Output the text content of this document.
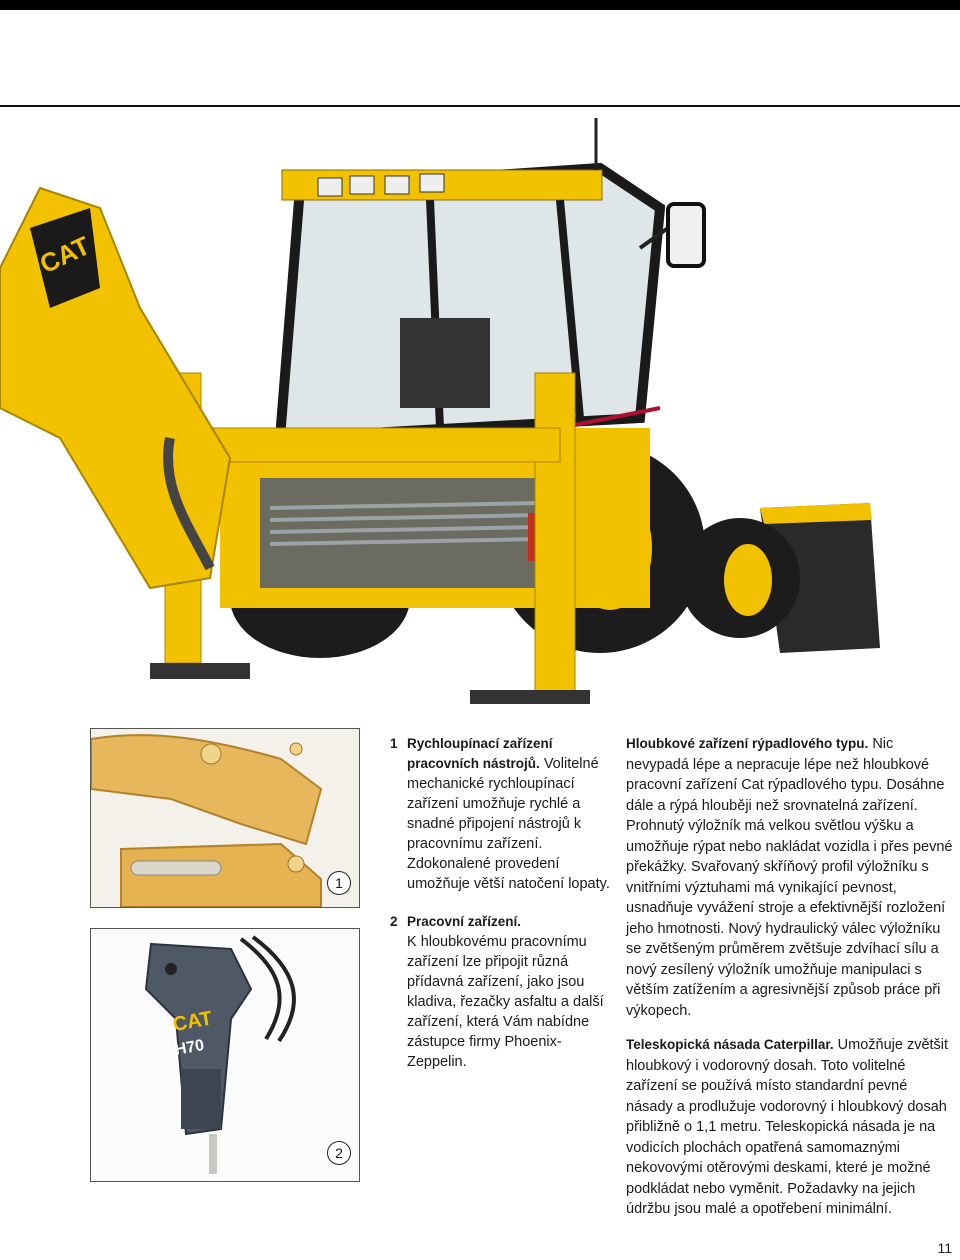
CAT
1
CAT
H70
2
1 Rychloupínací zařízení pracovních nástrojů. Volitelné mechanické rychloupínací zařízení umožňuje rychlé a snadné připojení nástrojů k pracovnímu zařízení. Zdokonalené provedení umožňuje větší natočení lopaty.
2 Pracovní zařízení.
K hloubkovému pracovnímu zařízení lze připojit různá přídavná zařízení, jako jsou kladiva, řezačky asfaltu a další zařízení, která Vám nabídne zástupce firmy Phoenix-Zeppelin.

Hloubkové zařízení rýpadlového typu. Nic nevypadá lépe a nepracuje lépe než hloubkové pracovní zařízení Cat rýpadlového typu. Dosáhne dále a rýpá hlouběji než srovnatelná zařízení. Prohnutý výložník má velkou světlou výšku a umožňuje rýpat nebo nakládat vozidla i přes pevné překážky. Svařovaný skříňový profil výložníku s vnitřními výztuhami má vynikající pevnost, usnadňuje vyvážení stroje a efektivnější rozložení jeho hmotnosti. Nový hydraulický válec výložníku se zvětšeným průměrem zvětšuje zdvíhací sílu a nový zesílený výložník umožňuje manipulaci s větším zatížením a agresivnější způsob práce při výkopech.

Teleskopická násada Caterpillar. Umožňuje zvětšit hloubkový i vodorovný dosah. Toto volitelné zařízení se používá místo standardní pevné násady a prodlužuje vodorovný i hloubkový dosah přibližně o 1,1 metru. Teleskopická násada je na vodicích plochách opatřená samomaznými nekovovými otěrovými deskami, které je možné podkládat nebo vyměnit. Požadavky na jejich údržbu jsou malé a opotřebení minimální.

11
